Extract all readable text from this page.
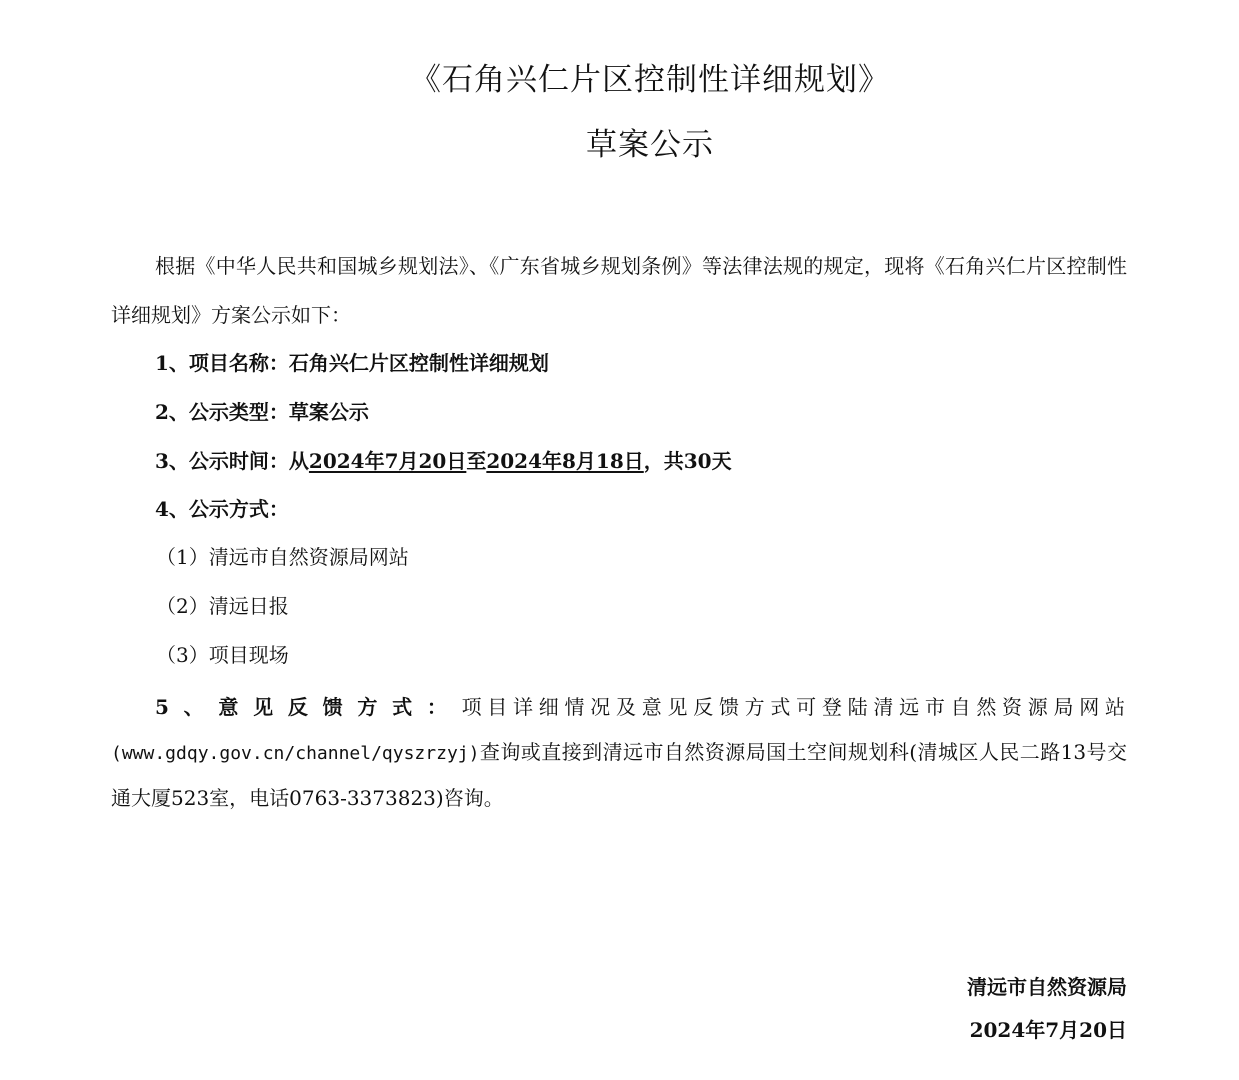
《石角兴仁片区控制性详细规划》
草案公示
根据《中华人民共和国城乡规划法》、《广东省城乡规划条例》等法律法规的规定，现将《石角兴仁片区控制性详细规划》方案公示如下：
1、项目名称：石角兴仁片区控制性详细规划
2、公示类型：草案公示
3、公示时间：从2024年7月20日至2024年8月18日，共30天
4、公示方式：
（1）清远市自然资源局网站
（2）清远日报
（3）项目现场
5、意见反馈方式：项目详细情况及意见反馈方式可登陆清远市自然资源局网站(www.gdqy.gov.cn/channel/qyszrzyj)查询或直接到清远市自然资源局国土空间规划科(清城区人民二路13号交通大厦523室，电话0763-3373823)咨询。
清远市自然资源局
2024年7月20日
